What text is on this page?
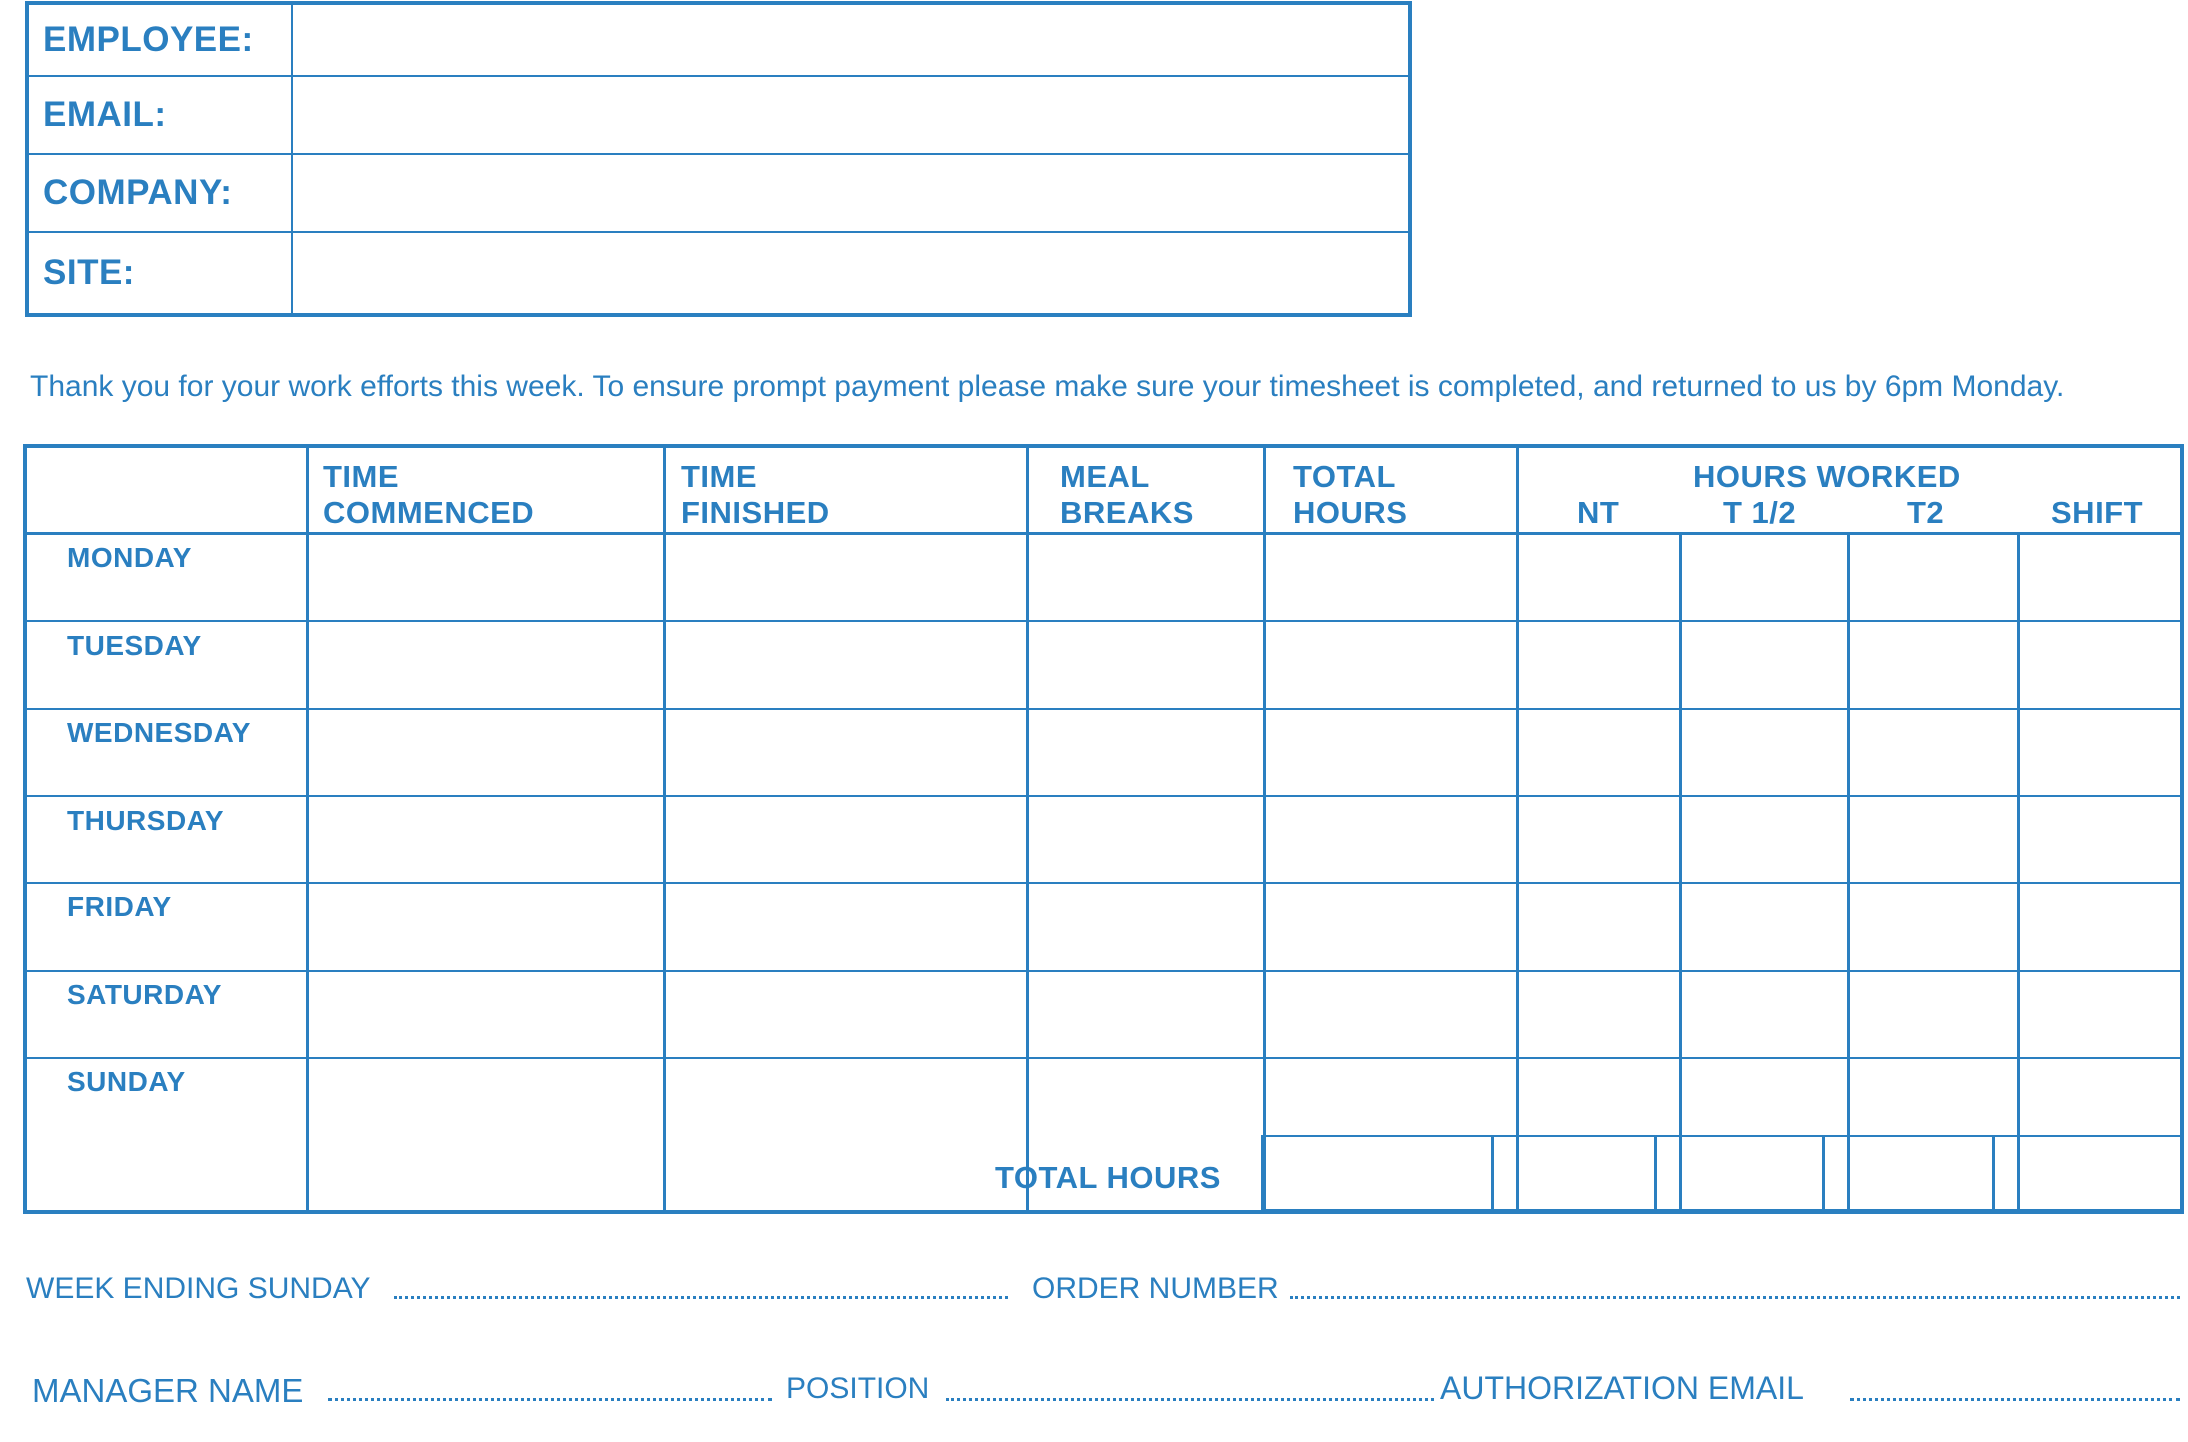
EMPLOYEE:	
EMAIL:	
COMPANY:	
SITE:	
Thank you for your work efforts this week. To ensure prompt payment please make sure your timesheet is completed, and returned to us by 6pm Monday.
TIME
COMMENCED
TIME
FINISHED
MEAL
BREAKS
TOTAL
HOURS
HOURS WORKED
NT	T 1/2	T2	SHIFT
MONDAY
TUESDAY
WEDNESDAY
THURSDAY
FRIDAY
SATURDAY
SUNDAY
TOTAL HOURS
WEEK ENDING SUNDAY	ORDER NUMBER
MANAGER NAME	POSITION	AUTHORIZATION EMAIL
